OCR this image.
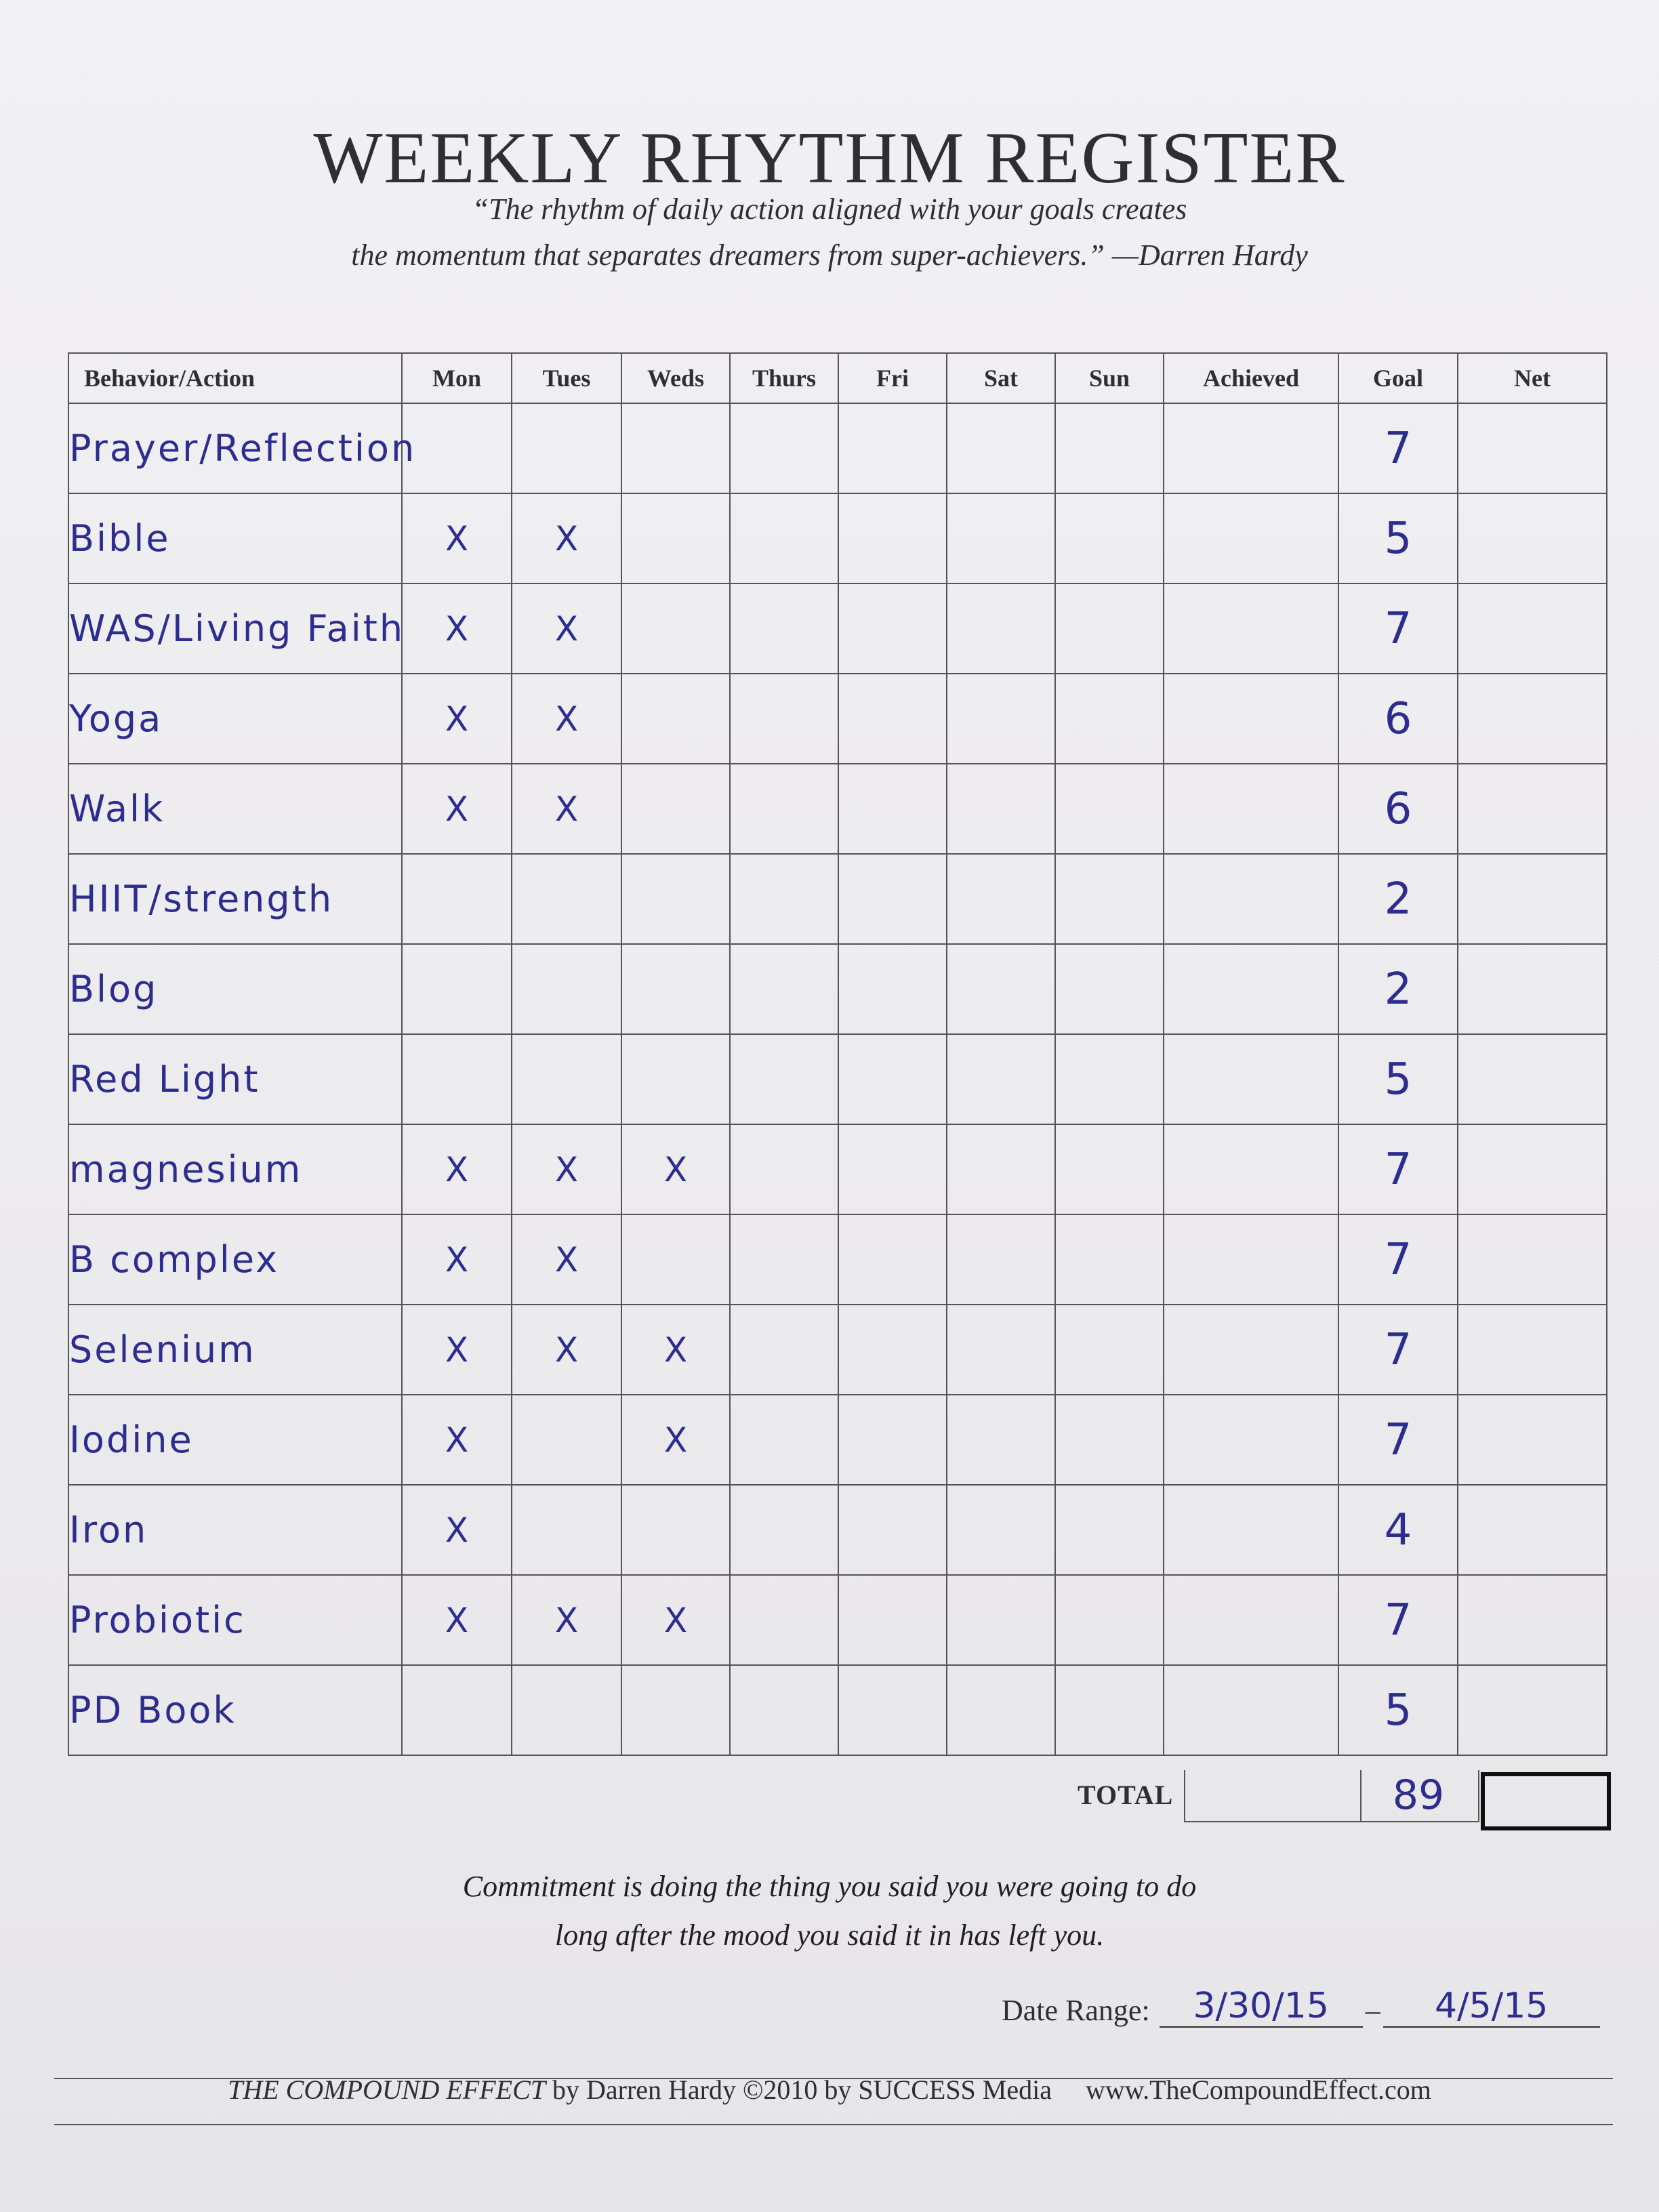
WEEKLY RHYTHM REGISTER
“The rhythm of daily action aligned with your goals creates
the momentum that separates dreamers from super-achievers.” —Darren Hardy
Behavior/Action	Mon	Tues	Weds	Thurs	Fri	Sat	Sun	Achieved	Goal	Net
Prayer/Reflection									7	
Bible	X	X							5	
WAS/Living Faith	X	X							7	
Yoga	X	X							6	
Walk	X	X							6	
HIIT/strength									2	
Blog									2	
Red Light									5	
magnesium	X	X	X						7	
B complex	X	X							7	
Selenium	X	X	X						7	
Iodine	X		X						7	
Iron	X								4	
Probiotic	X	X	X						7	
PD Book									5	
TOTAL	89
Commitment is doing the thing you said you were going to do
long after the mood you said it in has left you.
Date Range:	3/30/15	–	4/5/15
THE COMPOUND EFFECT by Darren Hardy ©2010 by SUCCESS Media www.TheCompoundEffect.com
